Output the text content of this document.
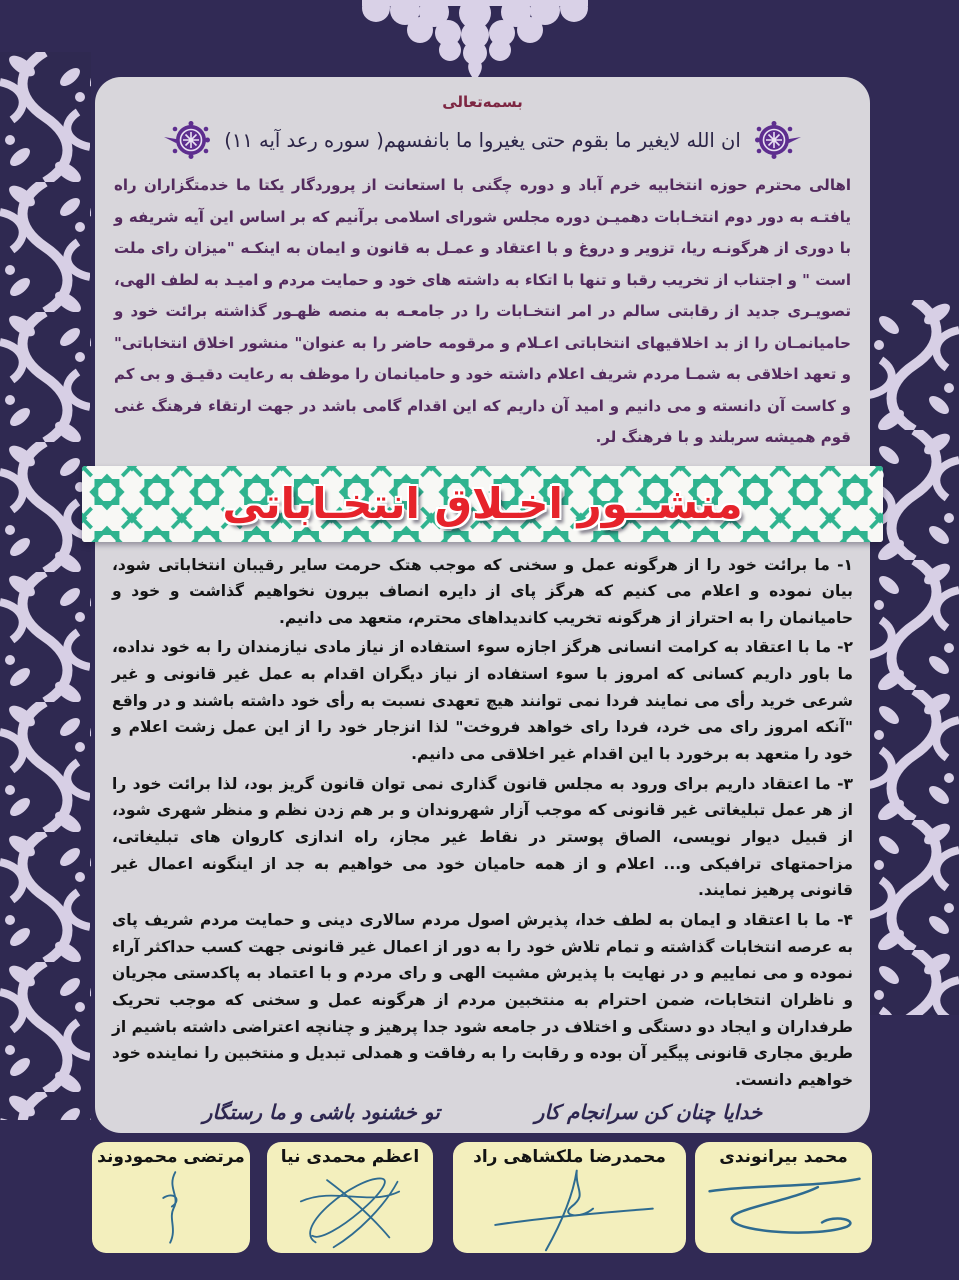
بسمه‌تعالی
ان الله لایغیر ما بقوم حتی یغیروا ما بانفسهم( سوره رعد آیه ۱۱)

اهالی محترم حوزه انتخابیه خرم آباد و دوره چگنی با استعانت از پروردگار یکتا ما خدمتگزاران راه یافتـه به دور دوم انتخـابات دهمیـن دوره مجلس شورای اسلامی برآنیم که بر اساس این آیه شریفه و با دوری از هرگونـه ریا، تزویر و دروغ و با اعتقاد و عمـل به قانون و ایمان به اینکـه "میزان رای ملت است " و اجتناب از تخریب رقبا و تنها با اتکاء به داشته های خود و حمایت مردم و امیـد به لطف الهی، تصویـری جدید از رقابتی سالم در امر انتخـابات را در جامعـه به منصه ظهـور گذاشته برائت خود و حامیانمـان را از بد اخلاقیهای انتخاباتی اعـلام و مرقومه حاضر را به عنوان" منشور اخلاق انتخاباتی" و تعهد اخلاقی به شمـا مردم شریف اعلام داشته خود و حامیانمان را موظف به رعایت دقیـق و بی کم و کاست آن دانسته و می دانیم و امید آن داریم که این اقدام گامی باشد در جهت ارتقاء فرهنگ غنی قوم همیشه سربلند و با فرهنگ لر.

منشــور اخـلاق انتخـاباتی

۱- ما برائت خود را از هرگونه عمل و سخنی که موجب هتک حرمت سایر رقیبان انتخاباتی شود، بیان نموده و اعلام می کنیم که هرگز پای از دایره انصاف بیرون نخواهیم گذاشت و خود و حامیانمان را به احتراز از هرگونه تخریب کاندیداهای محترم، متعهد می دانیم.

۲- ما با اعتقاد به کرامت انسانی هرگز اجازه سوء استفاده از نیاز مادی نیازمندان را به خود نداده، ما باور داریم کسانی که امروز با سوء استفاده از نیاز دیگران اقدام به عمل غیر قانونی و غیر شرعی خرید رأی می نمایند فردا نمی توانند هیچ تعهدی نسبت به رأی خود داشته باشند و در واقع "آنکه امروز رای می خرد، فردا رای خواهد فروخت" لذا انزجار خود را از این عمل زشت اعلام و خود را متعهد به برخورد با این اقدام غیر اخلاقی می دانیم.

۳- ما اعتقاد داریم برای ورود به مجلس قانون گذاری نمی توان قانون گریز بود، لذا برائت خود را از هر عمل تبلیغاتی غیر قانونی که موجب آزار شهروندان و بر هم زدن نظم و منظر شهری شود، از قبیل دیوار نویسی، الصاق پوستر در نقاط غیر مجاز، راه اندازی کاروان های تبلیغاتی، مزاحمتهای ترافیکی و... اعلام و از همه حامیان خود می خواهیم به جد از اینگونه اعمال غیر قانونی پرهیز نمایند.

۴- ما با اعتقاد و ایمان به لطف خدا، پذیرش اصول مردم سالاری دینی و حمایت مردم شریف پای به عرصه انتخابات گذاشته و تمام تلاش خود را به دور از اعمال غیر قانونی جهت کسب حداکثر آراء نموده و می نماییم و در نهایت با پذیرش مشیت الهی و رای مردم و با اعتماد به پاکدستی مجریان و ناظران انتخابات، ضمن احترام به منتخبین مردم از هرگونه عمل و سخنی که موجب تحریک طرفداران و ایجاد دو دستگی و اختلاف در جامعه شود جدا پرهیز و چنانچه اعتراضی داشته باشیم از طریق مجاری قانونی پیگیر آن بوده و رقابت را به رفاقت و همدلی تبدیل و منتخبین را نماینده خود خواهیم دانست.

خدایا چنان کن سرانجام کار
تو خشنود باشی و ما رستگار
محمد بیرانوندی
محمدرضا ملکشاهی راد
اعظم محمدی نیا
مرتضی محمودوند
